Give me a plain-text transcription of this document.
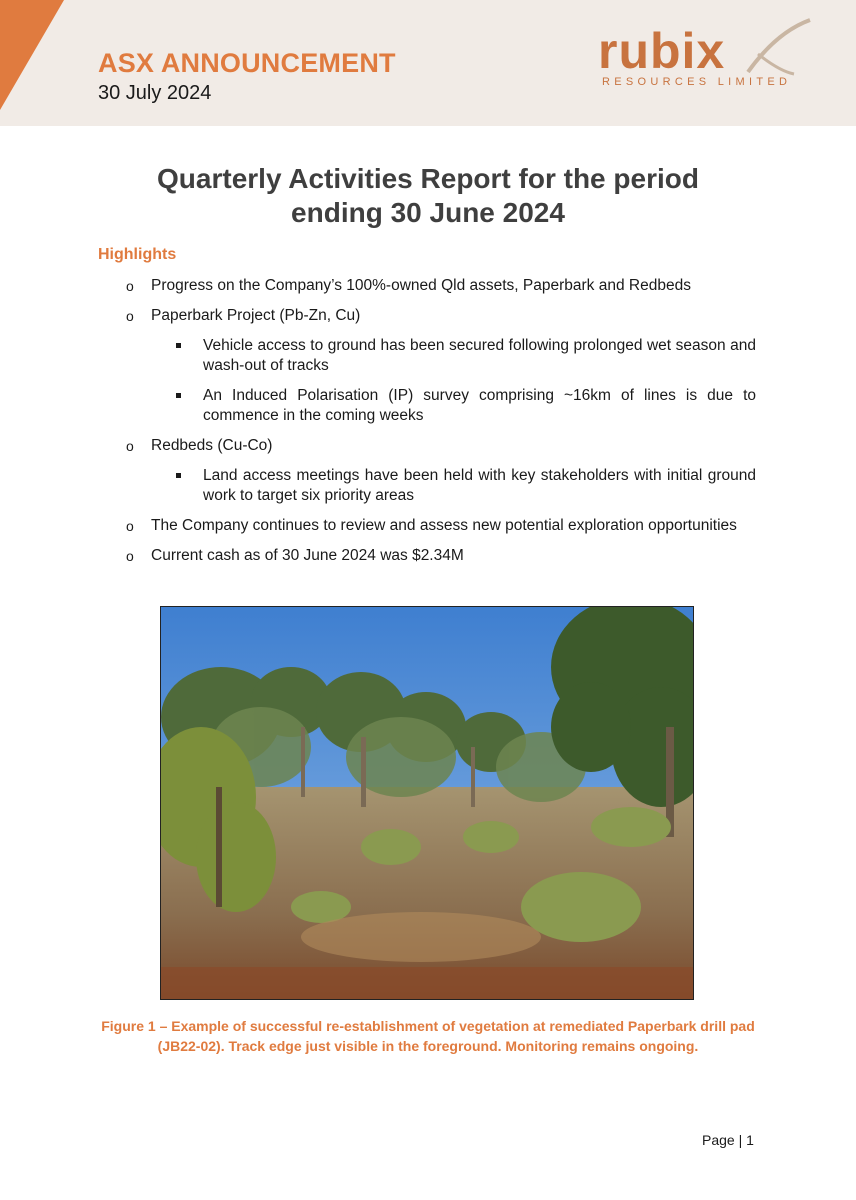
ASX ANNOUNCEMENT
30 July 2024
rubix
RESOURCES LIMITED
Quarterly Activities Report for the period
ending 30 June 2024
Highlights
o Progress on the Company’s 100%-owned Qld assets, Paperbark and Redbeds
o Paperbark Project (Pb-Zn, Cu)
Vehicle access to ground has been secured following prolonged wet season and wash-out of tracks
An Induced Polarisation (IP) survey comprising ~16km of lines is due to commence in the coming weeks
o Redbeds (Cu-Co)
Land access meetings have been held with key stakeholders with initial ground work to target six priority areas
o The Company continues to review and assess new potential exploration opportunities
o Current cash as of 30 June 2024 was $2.34M
Figure 1 – Example of successful re-establishment of vegetation at remediated Paperbark drill pad (JB22-02). Track edge just visible in the foreground. Monitoring remains ongoing.
Page | 1
